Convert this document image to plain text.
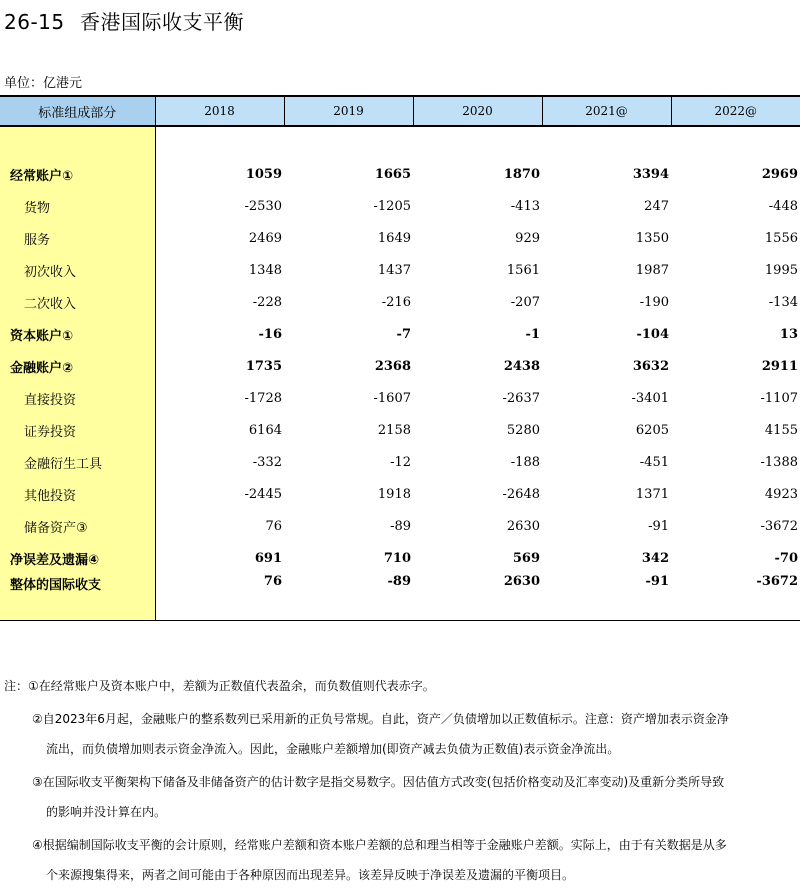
26-15 香港国际收支平衡
单位：亿港元
标准组成部分	2018	2019	2020	2021@	2022@

经常账户①	1059	1665	1870	3394	2969
货物	-2530	-1205	-413	247	-448
服务	2469	1649	929	1350	1556
初次收入	1348	1437	1561	1987	1995
二次收入	-228	-216	-207	-190	-134
资本账户①	-16	-7	-1	-104	13
金融账户②	1735	2368	2438	3632	2911
直接投资	-1728	-1607	-2637	-3401	-1107
证券投资	6164	2158	5280	6205	4155
金融衍生工具	-332	-12	-188	-451	-1388
其他投资	-2445	1918	-2648	1371	4923
储备资产③	76	-89	2630	-91	-3672
净误差及遗漏④	691	710	569	342	-70
整体的国际收支	76	-89	2630	-91	-3672
注：①在经常账户及资本账户中，差额为正数值代表盈余，而负数值则代表赤字。
②自2023年6月起，金融账户的整系数列已采用新的正负号常规。自此，资产／负债增加以正数值标示。注意：资产增加表示资金净
流出，而负债增加则表示资金净流入。因此，金融账户差额增加(即资产减去负债为正数值)表示资金净流出。
③在国际收支平衡架构下储备及非储备资产的估计数字是指交易数字。因估值方式改变(包括价格变动及汇率变动)及重新分类所导致
的影响并没计算在内。
④根据编制国际收支平衡的会计原则，经常账户差额和资本账户差额的总和理当相等于金融账户差额。实际上，由于有关数据是从多
个来源搜集得来，两者之间可能由于各种原因而出现差异。该差异反映于净误差及遗漏的平衡项目。
